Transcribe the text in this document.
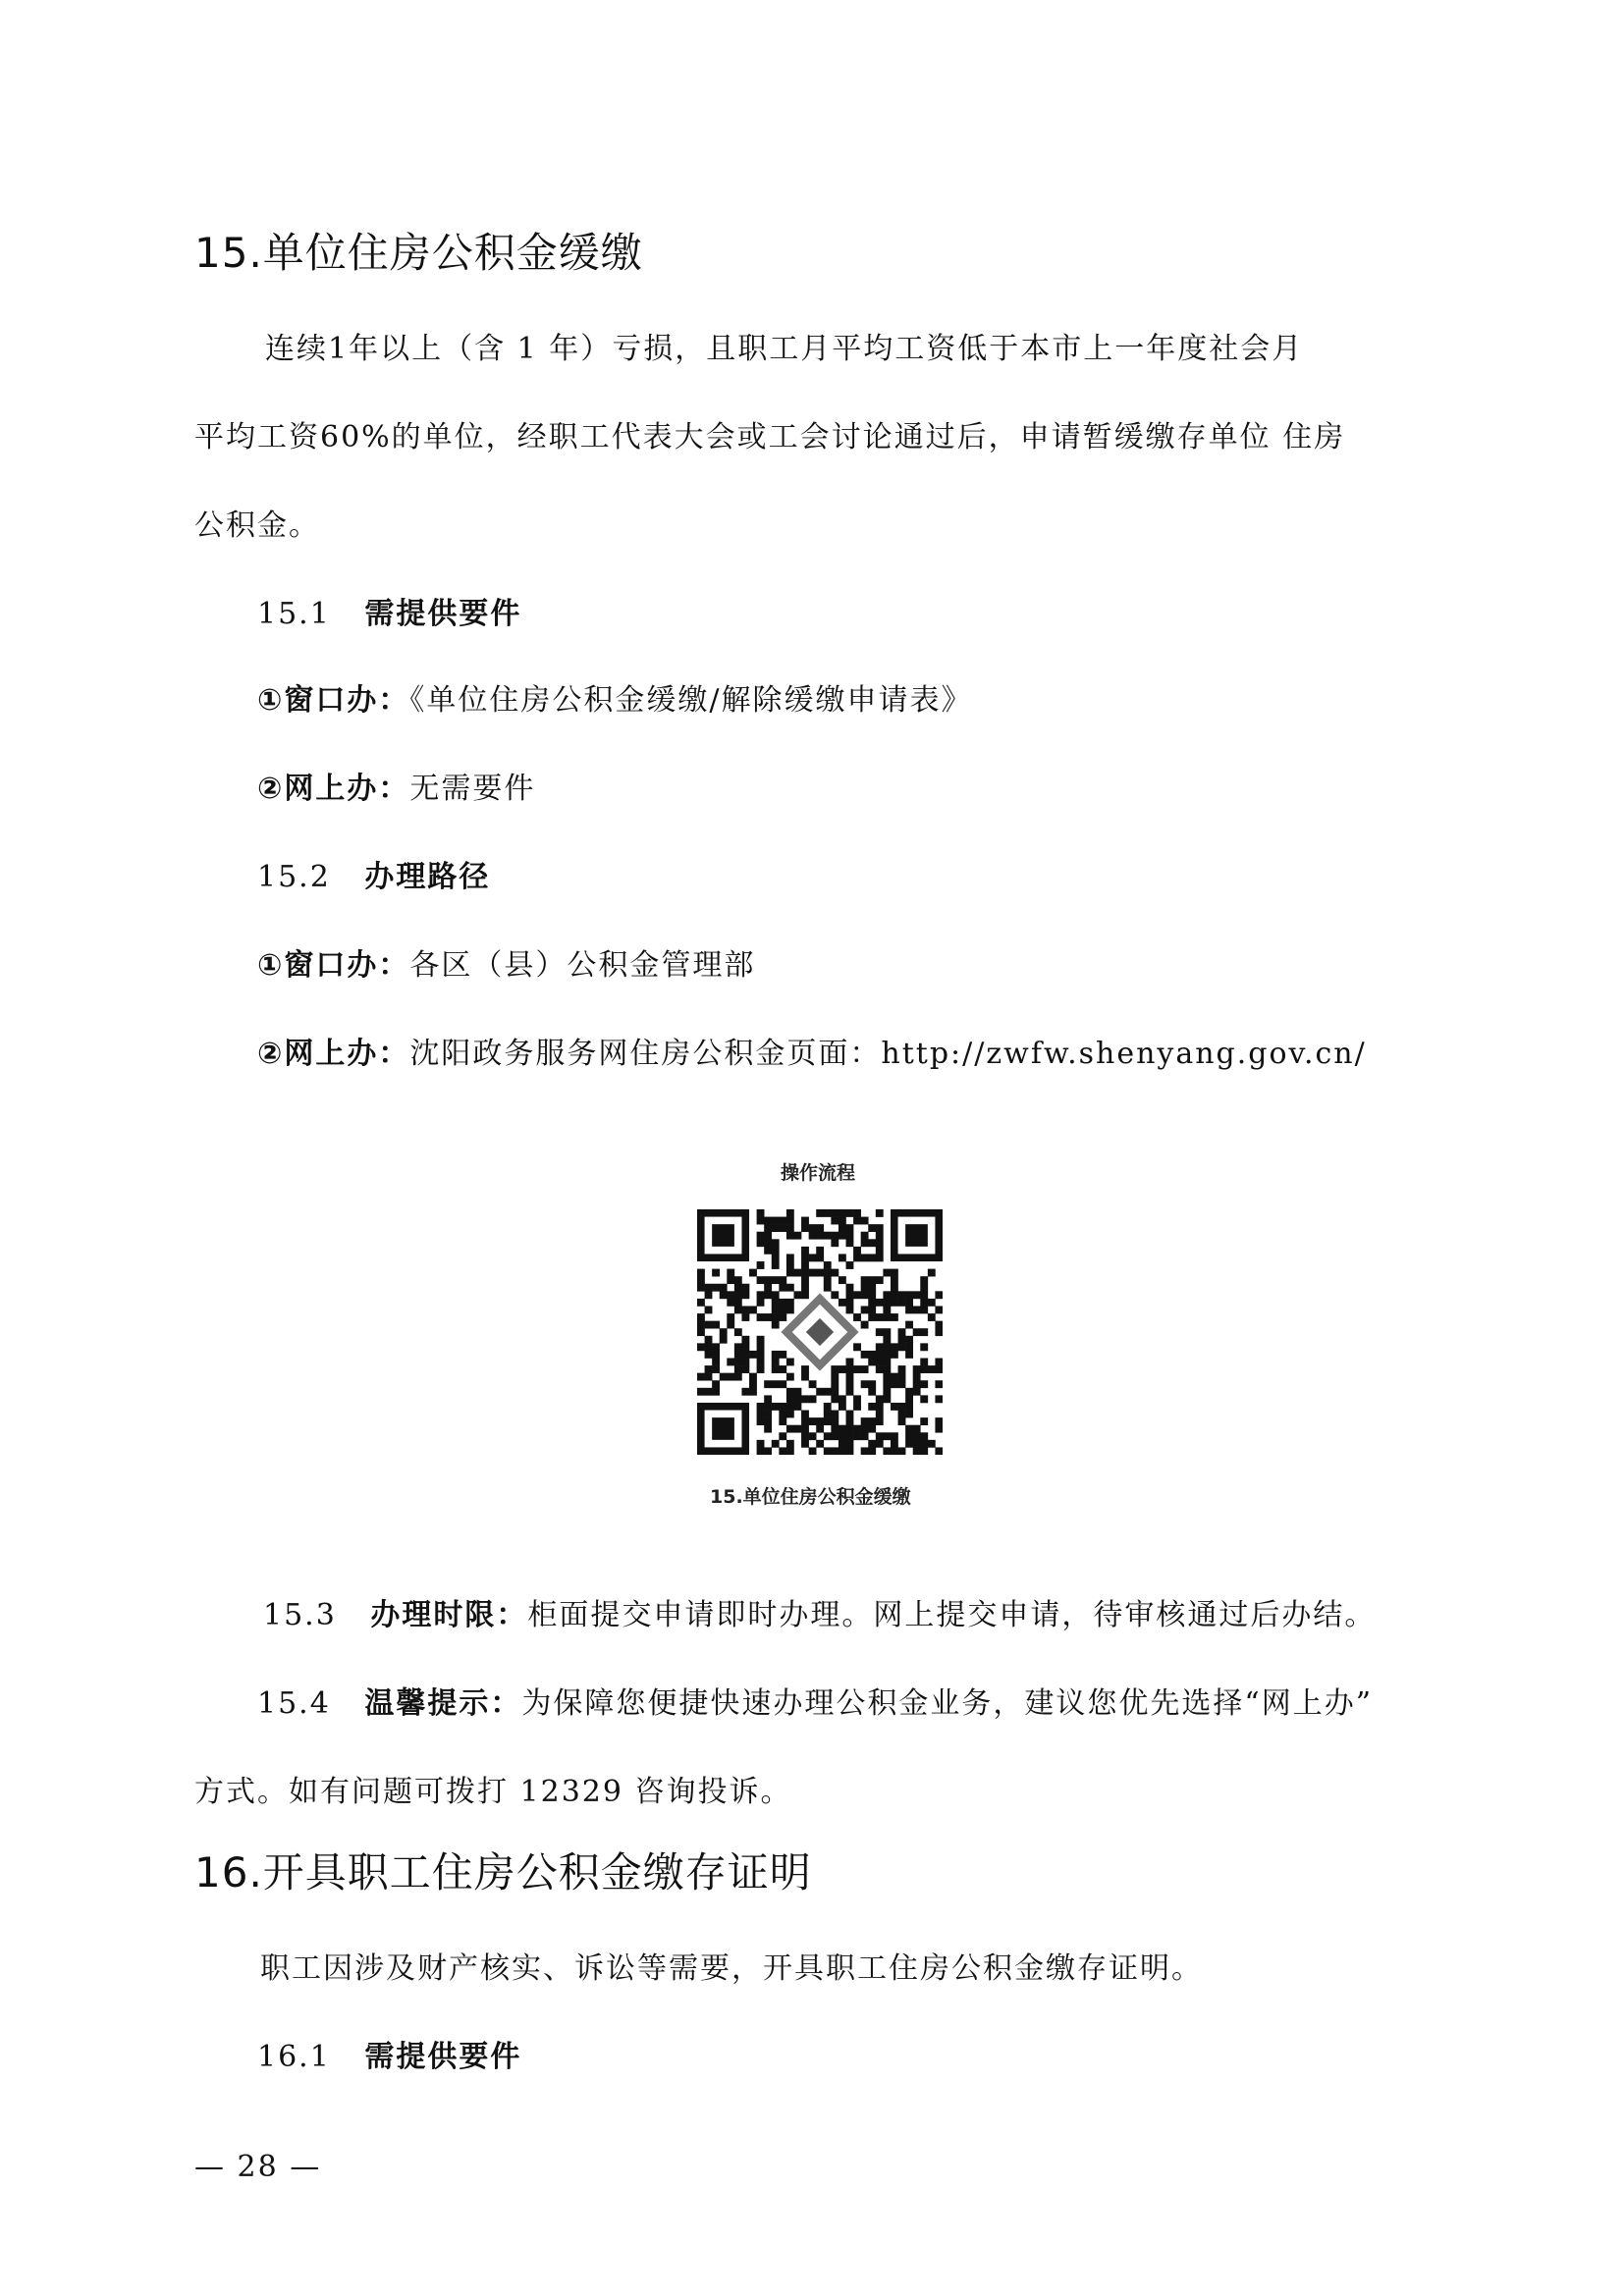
15.单位住房公积金缓缴
连续1年以上（含 1 年）亏损，且职工月平均工资低于本市上一年度社会月
平均工资60%的单位，经职工代表大会或工会讨论通过后，申请暂缓缴存单位 住房
公积金。
15.1 需提供要件
①窗口办：《单位住房公积金缓缴/解除缓缴申请表》
②网上办：无需要件
15.2 办理路径
①窗口办：各区（县）公积金管理部
②网上办：沈阳政务服务网住房公积金页面：http://zwfw.shenyang.gov.cn/
操作流程
15.单位住房公积金缓缴
15.3 办理时限：柜面提交申请即时办理。网上提交申请，待审核通过后办结。
15.4 温馨提示：为保障您便捷快速办理公积金业务，建议您优先选择“网上办”
方式。如有问题可拨打 12329 咨询投诉。
16.开具职工住房公积金缴存证明
职工因涉及财产核实、诉讼等需要，开具职工住房公积金缴存证明。
16.1 需提供要件
— 28 —
